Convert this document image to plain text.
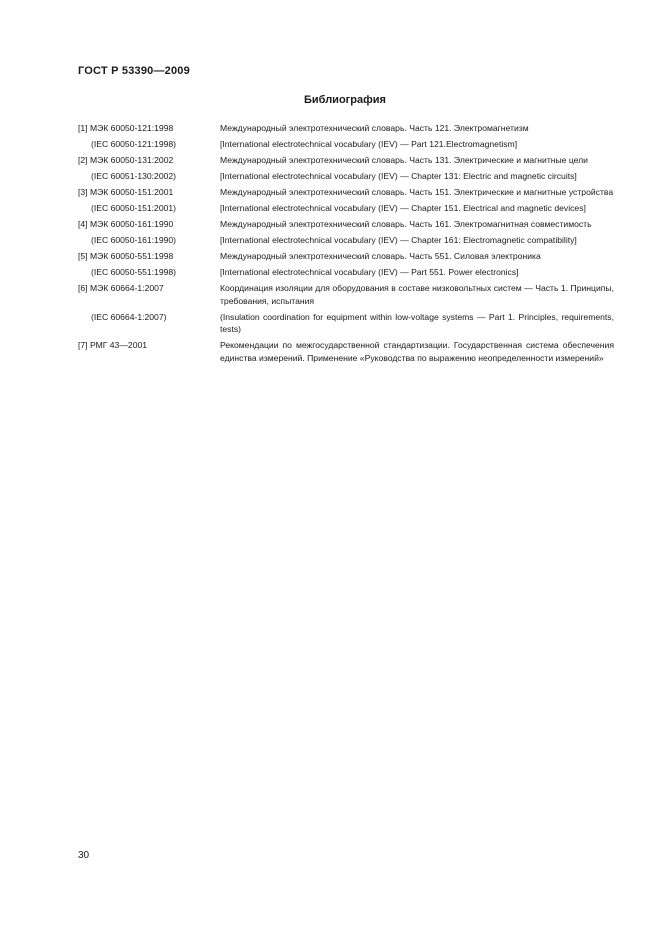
ГОСТ Р 53390—2009
Библиография
[1] МЭК 60050-121:1998	Международный электротехнический словарь. Часть 121. Электромагнетизм
(IEC 60050-121:1998)	[International electrotechnical vocabulary (IEV) — Part 121.Electromagnetism]
[2] МЭК 60050-131:2002	Международный электротехнический словарь. Часть 131. Электрические и магнитные цели
(IEC 60051-130:2002)	[International electrotechnical vocabulary (IEV) — Chapter 131: Electric and magnetic circuits]
[3] МЭК 60050-151:2001	Международный электротехнический словарь. Часть 151. Электрические и магнитные устройства
(IEC 60050-151:2001)	[International electrotechnical vocabulary (IEV) — Chapter 151. Electrical and magnetic devices]
[4] МЭК 60050-161:1990	Международный электротехнический словарь. Часть 161. Электромагнитная совместимость
(IEC 60050-161:1990)	[International electrotechnical vocabulary (IEV) — Chapter 161: Electromagnetic compatibility]
[5] МЭК 60050-551:1998	Международный электротехнический словарь. Часть 551. Силовая электроника
(IEC 60050-551:1998)	[International electrotechnical vocabulary (IEV) — Part 551. Power electronics]
[6] МЭК 60664-1:2007	Координация изоляции для оборудования в составе низковольтных систем — Часть 1. Принципы, требования, испытания
(IEC 60664-1:2007)	(Insulation coordination for equipment within low-voltage systems — Part 1. Principles, requirements, tests)
[7] РМГ 43—2001	Рекомендации по межгосударственной стандартизации. Государственная система обеспечения единства измерений. Применение «Руководства по выражению неопределенности измерений»
30
